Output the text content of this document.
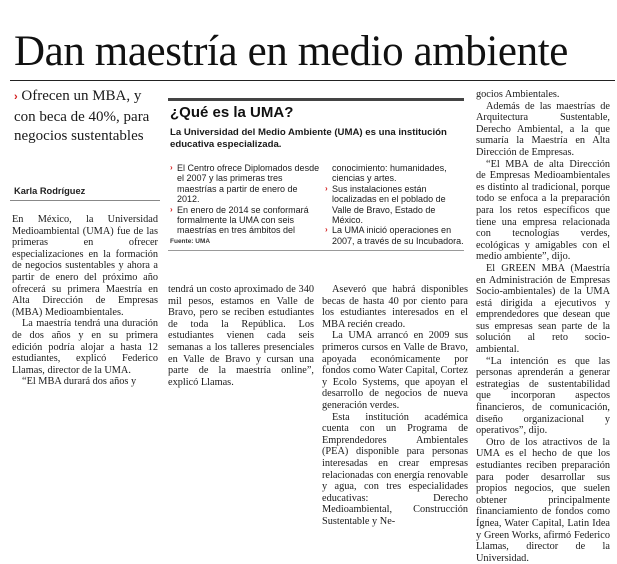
Dan maestría en medio ambiente
› Ofrecen un MBA, y con beca de 40%, para negocios sustentables
Karla Rodríguez
¿Qué es la UMA?
La Universidad del Medio Ambiente (UMA) es una institución educativa especializada.
› El Centro ofrece Diplomados desde el 2007 y las primeras tres maestrías a partir de enero de 2012.
› En enero de 2014 se conformará formalmente la UMA con seis maestrías en tres ámbitos del
conocimiento: humanidades, ciencias y artes.
› Sus instalaciones están localizadas en el poblado de Valle de Bravo, Estado de México.
› La UMA inició operaciones en 2007, a través de su Incubadora.
Fuente: UMA

En México, la Universidad Medioambiental (UMA) fue de las primeras en ofrecer especializaciones en la formación de negocios sustentables y ahora a partir de enero del próximo año ofrecerá su primera Maestría en Alta Dirección de Empresas (MBA) Medioambientales.

La maestría tendrá una duración de dos años y en su primera edición podría alojar a hasta 12 estudiantes, explicó Federico Llamas, director de la UMA.

“El MBA durará dos años y

tendrá un costo aproximado de 340 mil pesos, estamos en Valle de Bravo, pero se reciben estudiantes de toda la República. Los estudiantes vienen cada seis semanas a los talleres presenciales en Valle de Bravo y cursan una parte de la maestría online”, explicó Llamas.

Aseveró que habrá disponibles becas de hasta 40 por ciento para los estudiantes interesados en el MBA recién creado.

La UMA arrancó en 2009 sus primeros cursos en Valle de Bravo, apoyada económicamente por fondos como Water Capital, Cortez y Ecolo Systems, que apoyan el desarrollo de negocios de nueva generación verdes.

Esta institución académica cuenta con un Programa de Emprendedores Ambientales (PEA) disponible para personas interesadas en crear empresas relacionadas con energía renovable y agua, con tres especialidades educativas: Derecho Medioambiental, Construcción Sustentable y Ne-

gocios Ambientales.

Además de las maestrías de Arquitectura Sustentable, Derecho Ambiental, a la que sumaría la Maestría en Alta Dirección de Empresas.

“El MBA de alta Dirección de Empresas Medioambientales es distinto al tradicional, porque todo se enfoca a la preparación para los retos específicos que tiene una empresa relacionada con tecnologías verdes, ecológicas y amigables con el medio ambiente”, dijo.

El GREEN MBA (Maestría en Administración de Empresas Socio-ambientales) de la UMA está dirigida a ejecutivos y emprendedores que desean que sus empresas sean parte de la solución al reto socio-ambiental.

“La intención es que las personas aprenderán a generar estrategias de sustentabilidad que incorporan aspectos financieros, de comunicación, diseño organizacional y operativos”, dijo.

Otro de los atractivos de la UMA es el hecho de que los estudiantes reciben preparación para poder desarrollar sus propios negocios, que suelen obtener principalmente financiamiento de fondos como Ígnea, Water Capital, Latin Idea y Green Works, afirmó Federico Llamas, director de la Universidad.
